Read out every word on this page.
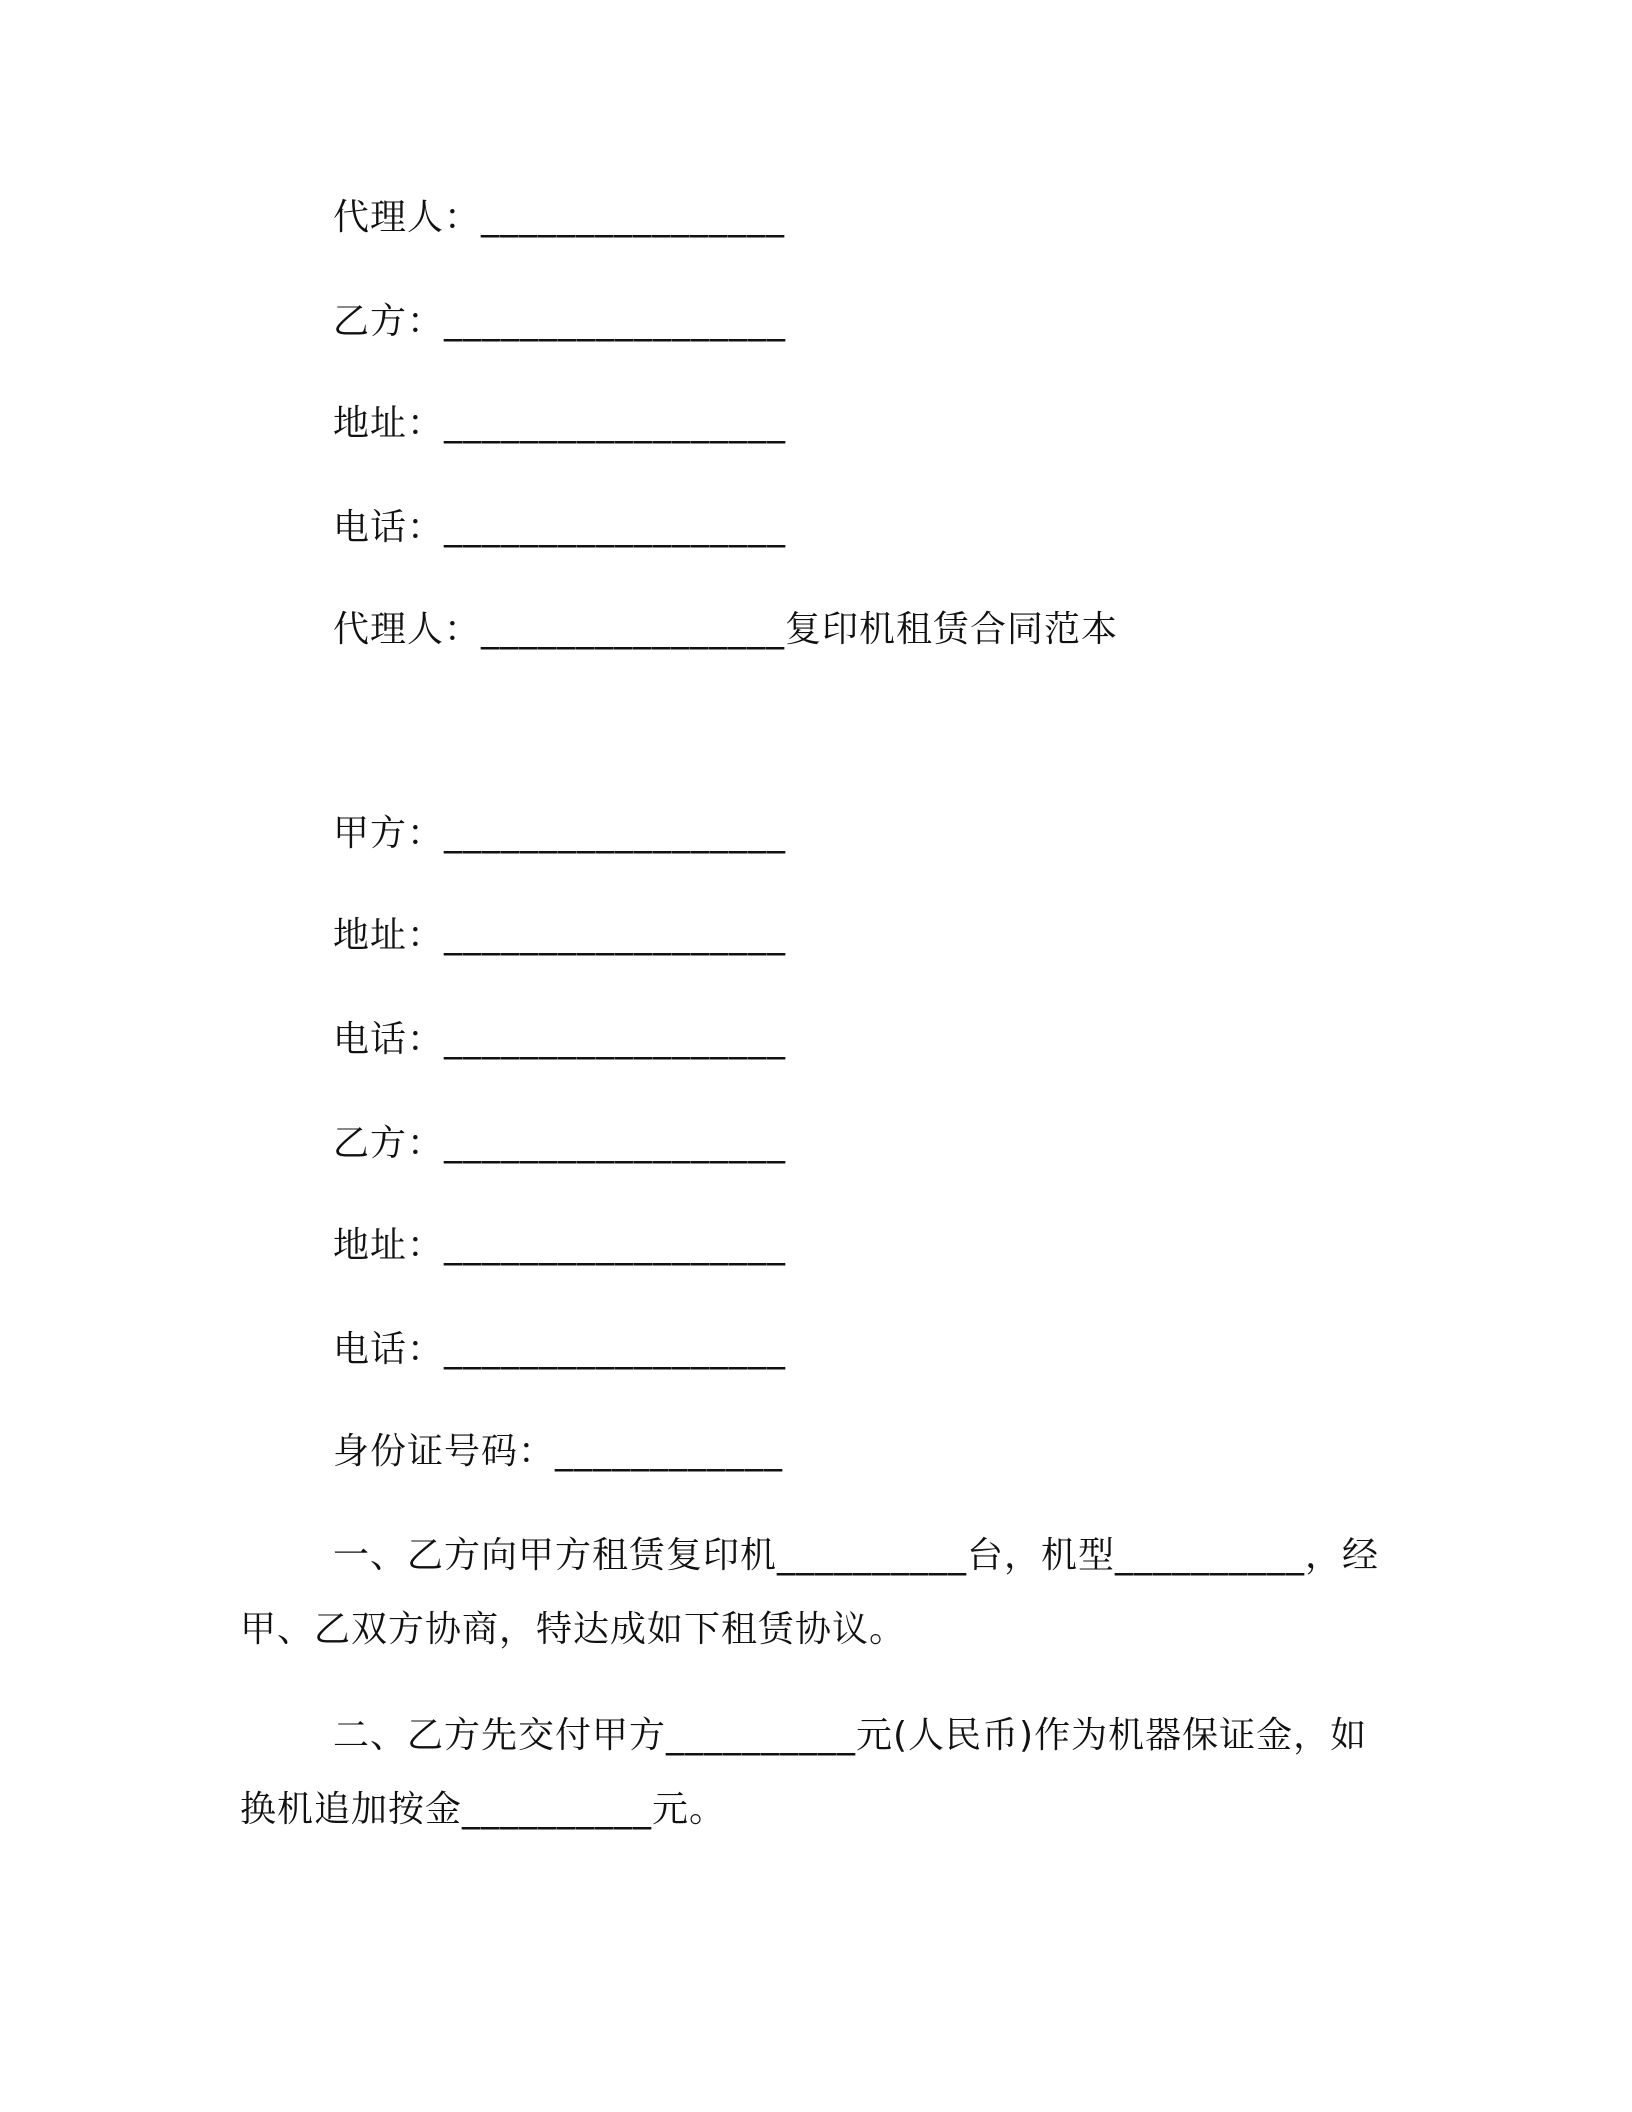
代理人：________________
乙方：__________________
地址：__________________
电话：__________________
代理人：________________复印机租赁合同范本
甲方：__________________
地址：__________________
电话：__________________
乙方：__________________
地址：__________________
电话：__________________
身份证号码：____________
一、乙方向甲方租赁复印机__________台，机型__________，经
甲、乙双方协商，特达成如下租赁协议。
二、乙方先交付甲方__________元(人民币)作为机器保证金，如
换机追加按金__________元。
